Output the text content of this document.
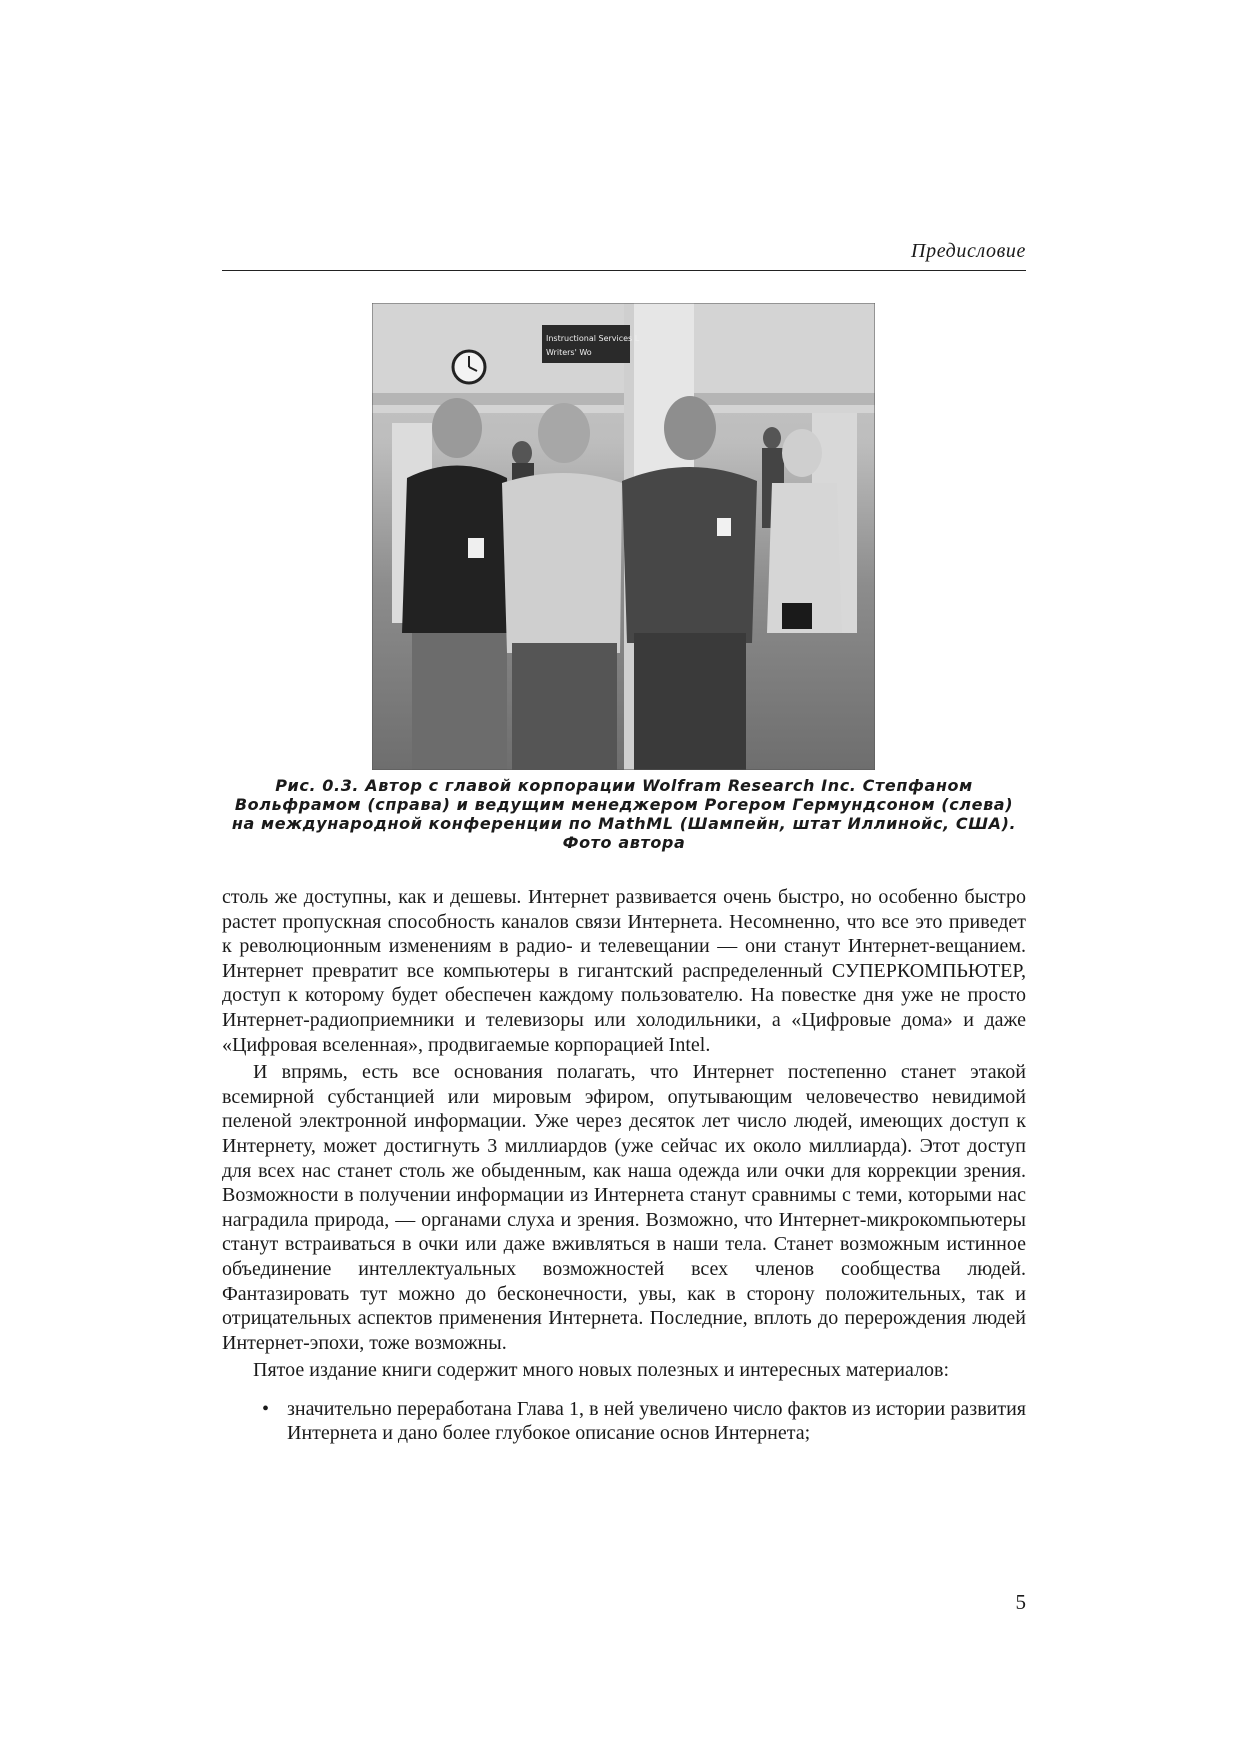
Предисловие
Instructional Services L
Writers' Wo
Рис. 0.3. Автор с главой корпорации Wolfram Research Inc. Степфаном
Вольфрамом (справа) и ведущим менеджером Рогером Гермундсоном (слева)
на международной конференции по MathML (Шампейн, штат Иллинойс, США).
Фото автора

столь же доступны, как и дешевы. Интернет развивается очень быстро, но особенно быстро растет пропускная способность каналов связи Интернета. Несомненно, что все это приведет к революционным изменениям в радио- и телевещании — они станут Интернет-вещанием. Интернет превратит все компьютеры в гигантский распределенный СУПЕРКОМПЬЮТЕР, доступ к которому будет обеспечен каждому пользователю. На повестке дня уже не просто Интернет-радиоприемники и телевизоры или холодильники, а «Цифровые дома» и даже «Цифровая вселенная», продвигаемые корпорацией Intel.

И впрямь, есть все основания полагать, что Интернет постепенно станет этакой всемирной субстанцией или мировым эфиром, опутывающим человечество невидимой пеленой электронной информации. Уже через десяток лет число людей, имеющих доступ к Интернету, может достигнуть 3 миллиардов (уже сейчас их около миллиарда). Этот доступ для всех нас станет столь же обыденным, как наша одежда или очки для коррекции зрения. Возможности в получении информации из Интернета станут сравнимы с теми, которыми нас наградила природа, — органами слуха и зрения. Возможно, что Интернет-микрокомпьютеры станут встраиваться в очки или даже вживляться в наши тела. Станет возможным истинное объединение интеллектуальных возможностей всех членов сообщества людей. Фантазировать тут можно до бесконечности, увы, как в сторону положительных, так и отрицательных аспектов применения Интернета. Последние, вплоть до перерождения людей Интернет-эпохи, тоже возможны.

Пятое издание книги содержит много новых полезных и интересных материалов:

• значительно переработана Глава 1, в ней увеличено число фактов из истории развития Интернета и дано более глубокое описание основ Интернета;
5
